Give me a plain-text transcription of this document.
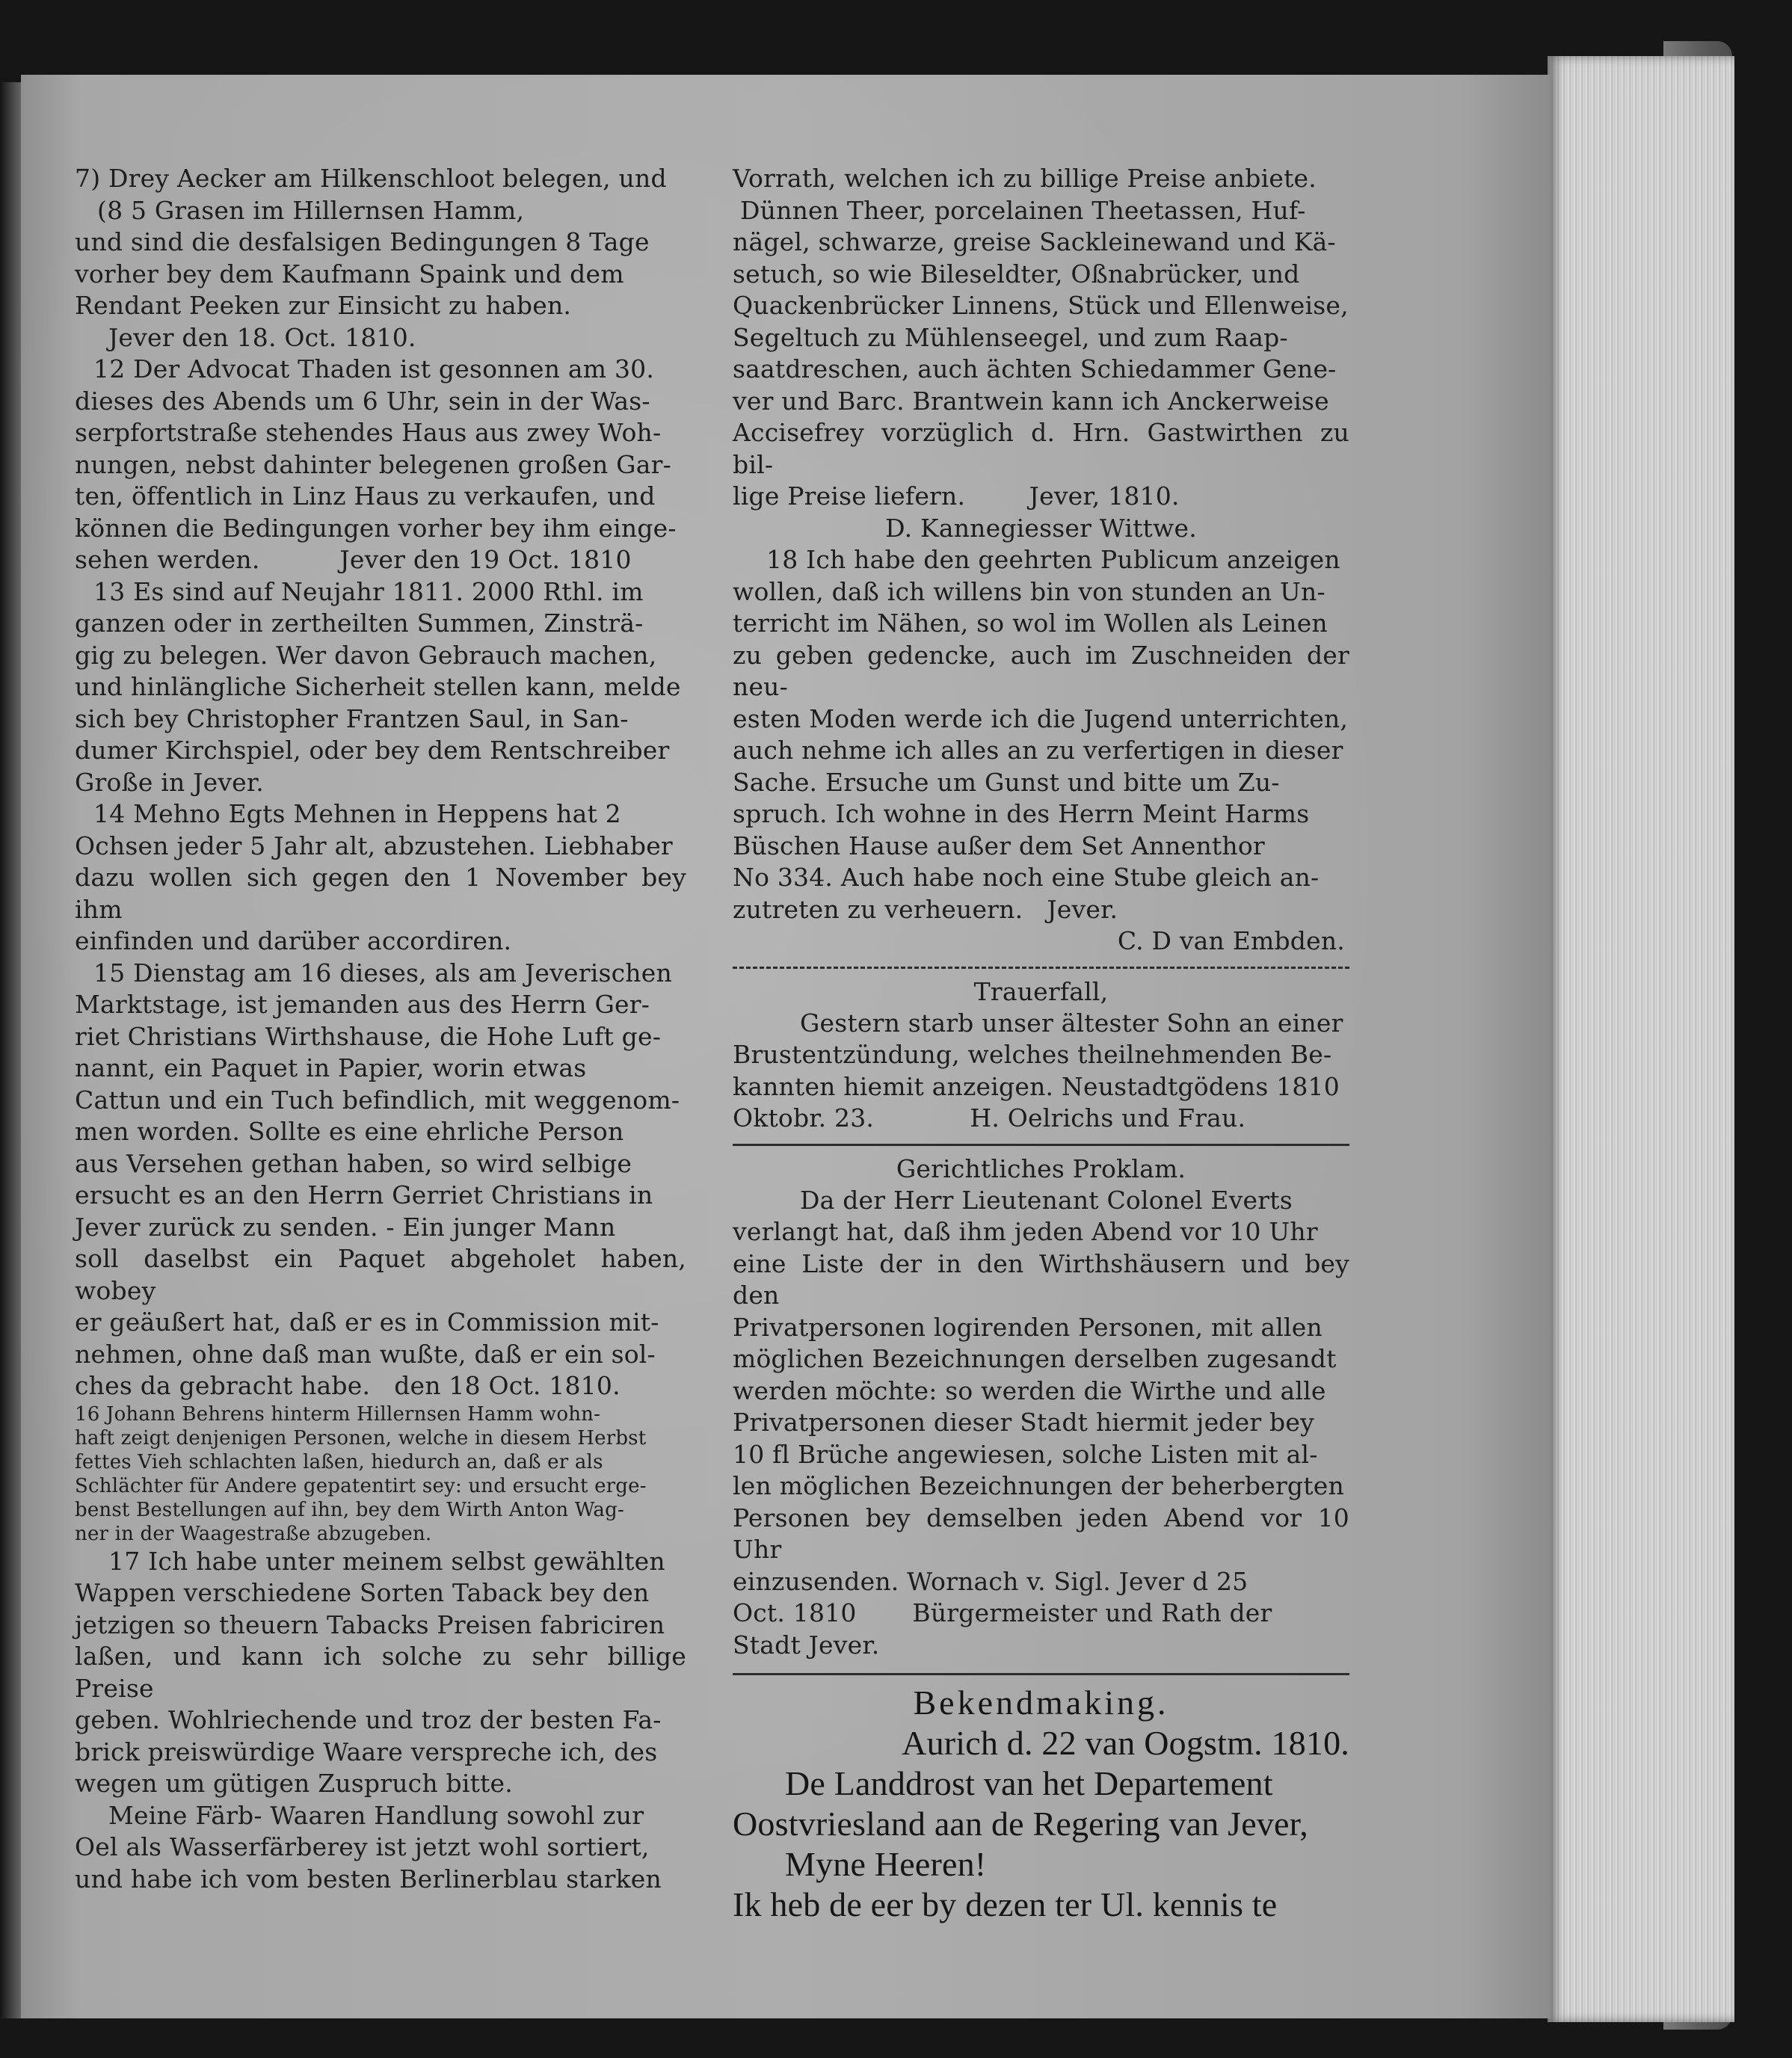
7) Drey Aecker am Hilkenschloot belegen, und
(8 5 Grasen im Hillernsen Hamm,
und sind die desfalsigen Bedingungen 8 Tage
vorher bey dem Kaufmann Spaink und dem
Rendant Peeken zur Einsicht zu haben.
Jever den 18. Oct. 1810.
12 Der Advocat Thaden ist gesonnen am 30.
dieses des Abends um 6 Uhr, sein in der Was-
serpfortstraße stehendes Haus aus zwey Woh-
nungen, nebst dahinter belegenen großen Gar-
ten, öffentlich in Linz Haus zu verkaufen, und
können die Bedingungen vorher bey ihm einge-
sehen werden.          Jever den 19 Oct. 1810
13 Es sind auf Neujahr 1811. 2000 Rthl. im
ganzen oder in zertheilten Summen, Zinsträ-
gig zu belegen. Wer davon Gebrauch machen,
und hinlängliche Sicherheit stellen kann, melde
sich bey Christopher Frantzen Saul, in San-
dumer Kirchspiel, oder bey dem Rentschreiber
Große in Jever.
14 Mehno Egts Mehnen in Heppens hat 2
Ochsen jeder 5 Jahr alt, abzustehen. Liebhaber
dazu wollen sich gegen den 1 November bey ihm
einfinden und darüber accordiren.
15 Dienstag am 16 dieses, als am Jeverischen
Marktstage, ist jemanden aus des Herrn Ger-
riet Christians Wirthshause, die Hohe Luft ge-
nannt, ein Paquet in Papier, worin etwas
Cattun und ein Tuch befindlich, mit weggenom-
men worden. Sollte es eine ehrliche Person
aus Versehen gethan haben, so wird selbige
ersucht es an den Herrn Gerriet Christians in
Jever zurück zu senden. - Ein junger Mann
soll daselbst ein Paquet abgeholet haben, wobey
er geäußert hat, daß er es in Commission mit-
nehmen, ohne daß man wußte, daß er ein sol-
ches da gebracht habe.   den 18 Oct. 1810.
16 Johann Behrens hinterm Hillernsen Hamm wohn-
haft zeigt denjenigen Personen, welche in diesem Herbst
fettes Vieh schlachten laßen, hiedurch an, daß er als
Schlächter für Andere gepatentirt sey: und ersucht erge-
benst Bestellungen auf ihn, bey dem Wirth Anton Wag-
ner in der Waagestraße abzugeben.
17 Ich habe unter meinem selbst gewählten
Wappen verschiedene Sorten Taback bey den
jetzigen so theuern Tabacks Preisen fabriciren
laßen, und kann ich solche zu sehr billige Preise
geben. Wohlriechende und troz der besten Fa-
brick preiswürdige Waare verspreche ich, des
wegen um gütigen Zuspruch bitte.
Meine Färb- Waaren Handlung sowohl zur
Oel als Wasserfärberey ist jetzt wohl sortiert,
und habe ich vom besten Berlinerblau starken
Vorrath, welchen ich zu billige Preise anbiete.
Dünnen Theer, porcelainen Theetassen, Huf-
nägel, schwarze, greise Sackleinewand und Kä-
setuch, so wie Bileseldter, Oßnabrücker, und
Quackenbrücker Linnens, Stück und Ellenweise,
Segeltuch zu Mühlenseegel, und zum Raap-
saatdreschen, auch ächten Schiedammer Gene-
ver und Barc. Brantwein kann ich Anckerweise
Accisefrey vorzüglich d. Hrn. Gastwirthen zu bil-
lige Preise liefern.        Jever, 1810.
D. Kannegiesser Wittwe.
18 Ich habe den geehrten Publicum anzeigen
wollen, daß ich willens bin von stunden an Un-
terricht im Nähen, so wol im Wollen als Leinen
zu geben gedencke, auch im Zuschneiden der neu-
esten Moden werde ich die Jugend unterrichten,
auch nehme ich alles an zu verfertigen in dieser
Sache. Ersuche um Gunst und bitte um Zu-
spruch. Ich wohne in des Herrn Meint Harms
Büschen Hause außer dem Set Annenthor
No 334. Auch habe noch eine Stube gleich an-
zutreten zu verheuern.   Jever.
C. D van Embden.
Trauerfall,
Gestern starb unser ältester Sohn an einer
Brustentzündung, welches theilnehmenden Be-
kannten hiemit anzeigen. Neustadtgödens 1810
Oktobr. 23.            H. Oelrichs und Frau.
Gerichtliches Proklam.
Da der Herr Lieutenant Colonel Everts
verlangt hat, daß ihm jeden Abend vor 10 Uhr
eine Liste der in den Wirthshäusern und bey den
Privatpersonen logirenden Personen, mit allen
möglichen Bezeichnungen derselben zugesandt
werden möchte: so werden die Wirthe und alle
Privatpersonen dieser Stadt hiermit jeder bey
10 fl Brüche angewiesen, solche Listen mit al-
len möglichen Bezeichnungen der beherbergten
Personen bey demselben jeden Abend vor 10 Uhr
einzusenden. Wornach v. Sigl. Jever d 25
Oct. 1810       Bürgermeister und Rath der
Stadt Jever.
Bekendmaking.
Aurich d. 22 van Oogstm. 1810.
De Landdrost van het Departement
Oostvriesland aan de Regering van Jever,
Myne Heeren!
Ik heb de eer by dezen ter Ul. kennis te
